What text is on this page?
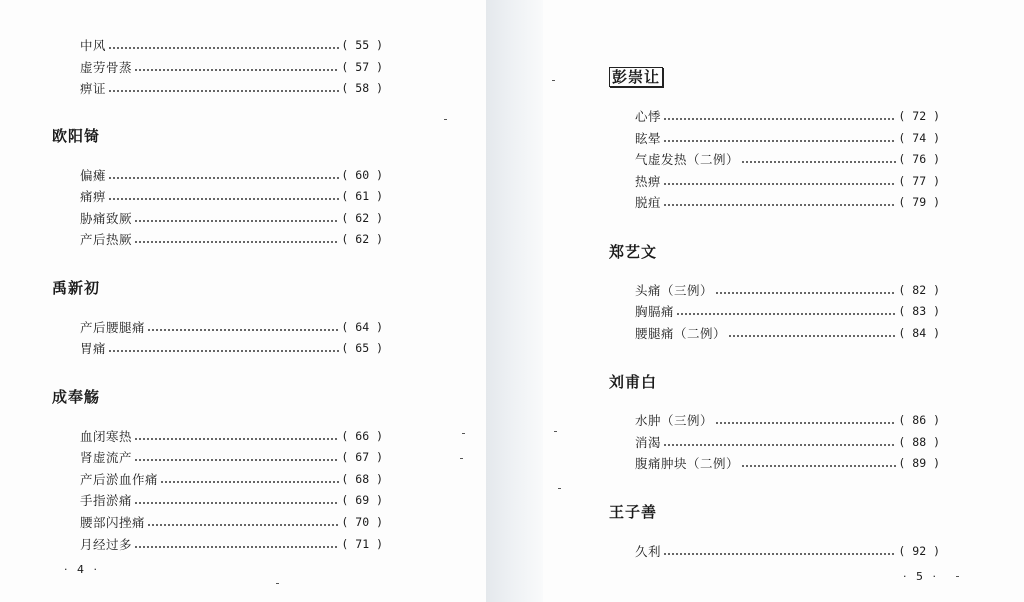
中风	( 55 )
虚劳骨蒸	( 57 )
痹证	( 58 )
欧阳锜
偏瘫	( 60 )
痛痹	( 61 )
胁痛致厥	( 62 )
产后热厥	( 62 )
禹新初
产后腰腿痛	( 64 )
胃痛	( 65 )
成奉觞
血闭寒热	( 66 )
肾虚流产	( 67 )
产后淤血作痛	( 68 )
手指淤痛	( 69 )
腰部闪挫痛	( 70 )
月经过多	( 71 )
· 4 ·
彭崇让
心悸	( 72 )
眩晕	( 74 )
气虚发热（二例）	( 76 )
热痹	( 77 )
脱疽	( 79 )
郑艺文
头痛（三例）	( 82 )
胸膈痛	( 83 )
腰腿痛（二例）	( 84 )
刘甫白
水肿（三例）	( 86 )
消渴	( 88 )
腹痛肿块（二例）	( 89 )
王子善
久利	( 92 )
· 5 ·
